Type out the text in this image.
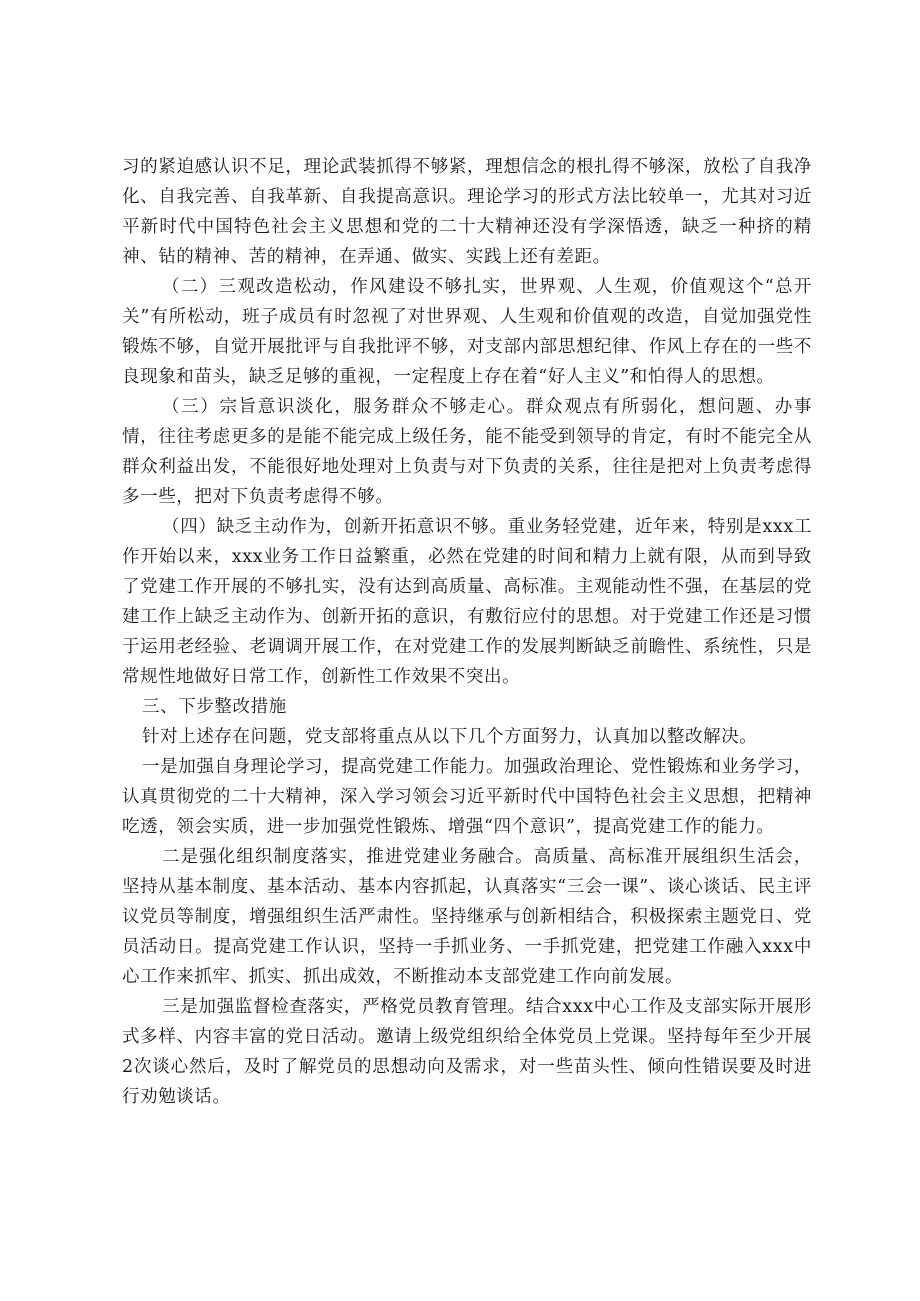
习的紧迫感认识不足，理论武装抓得不够紧，理想信念的根扎得不够深，放松了自我净化、自我完善、自我革新、自我提高意识。理论学习的形式方法比较单一，尤其对习近平新时代中国特色社会主义思想和党的二十大精神还没有学深悟透，缺乏一种挤的精神、钻的精神、苦的精神，在弄通、做实、实践上还有差距。

（二）三观改造松动，作风建设不够扎实，世界观、人生观，价值观这个“总开关”有所松动，班子成员有时忽视了对世界观、人生观和价值观的改造，自觉加强党性锻炼不够，自觉开展批评与自我批评不够，对支部内部思想纪律、作风上存在的一些不良现象和苗头，缺乏足够的重视，一定程度上存在着“好人主义”和怕得人的思想。

（三）宗旨意识淡化，服务群众不够走心。群众观点有所弱化，想问题、办事情，往往考虑更多的是能不能完成上级任务，能不能受到领导的肯定，有时不能完全从群众利益出发，不能很好地处理对上负责与对下负责的关系，往往是把对上负责考虑得多一些，把对下负责考虑得不够。

（四）缺乏主动作为，创新开拓意识不够。重业务轻党建，近年来，特别是xxx工作开始以来，xxx业务工作日益繁重，必然在党建的时间和精力上就有限，从而到导致了党建工作开展的不够扎实，没有达到高质量、高标准。主观能动性不强，在基层的党建工作上缺乏主动作为、创新开拓的意识，有敷衍应付的思想。对于党建工作还是习惯于运用老经验、老调调开展工作，在对党建工作的发展判断缺乏前瞻性、系统性，只是常规性地做好日常工作，创新性工作效果不突出。

三、下步整改措施

针对上述存在问题，党支部将重点从以下几个方面努力，认真加以整改解决。

一是加强自身理论学习，提高党建工作能力。加强政治理论、党性锻炼和业务学习，认真贯彻党的二十大精神，深入学习领会习近平新时代中国特色社会主义思想，把精神吃透，领会实质，进一步加强党性锻炼、增强“四个意识”，提高党建工作的能力。

二是强化组织制度落实，推进党建业务融合。高质量、高标准开展组织生活会，坚持从基本制度、基本活动、基本内容抓起，认真落实“三会一课”、谈心谈话、民主评议党员等制度，增强组织生活严肃性。坚持继承与创新相结合，积极探索主题党日、党员活动日。提高党建工作认识，坚持一手抓业务、一手抓党建，把党建工作融入xxx中心工作来抓牢、抓实、抓出成效，不断推动本支部党建工作向前发展。

三是加强监督检查落实，严格党员教育管理。结合xxx中心工作及支部实际开展形式多样、内容丰富的党日活动。邀请上级党组织给全体党员上党课。坚持每年至少开展2次谈心然后，及时了解党员的思想动向及需求，对一些苗头性、倾向性错误要及时进行劝勉谈话。
